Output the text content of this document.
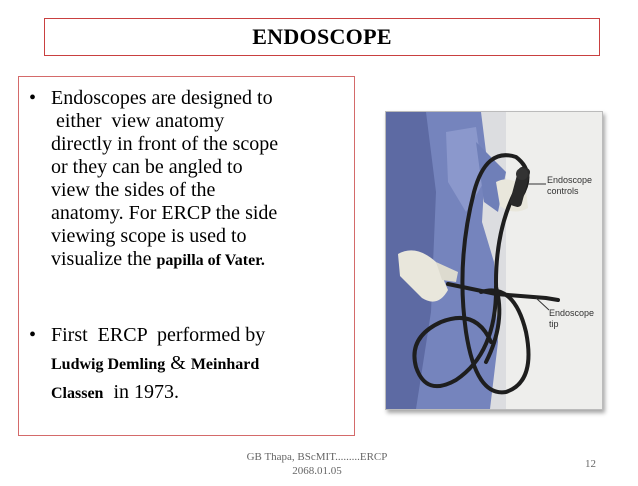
ENDOSCOPE
• Endoscopes are designed to
either  view anatomy
directly in front of the scope
or they can be angled to
view the sides of the
anatomy. For ERCP the side
viewing scope is used to
visualize the papilla of Vater.
• First  ERCP  performed by
Ludwig Demling & Meinhard
Classen  in 1973.
Endoscope
controls
Endoscope
tip
GB Thapa, BScMIT.........ERCP
2068.01.05
12
